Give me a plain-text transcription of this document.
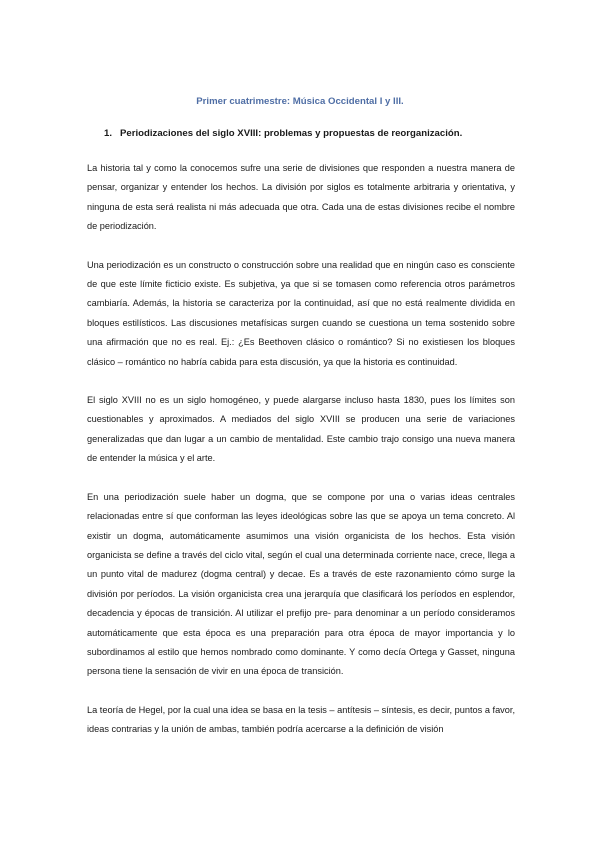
Primer cuatrimestre: Música Occidental I y III.

1. Periodizaciones del siglo XVIII: problemas y propuestas de reorganización.

La historia tal y como la conocemos sufre una serie de divisiones que responden a nuestra manera de pensar, organizar y entender los hechos. La división por siglos es totalmente arbitraria y orientativa, y ninguna de esta será realista ni más adecuada que otra. Cada una de estas divisiones recibe el nombre de periodización.

Una periodización es un constructo o construcción sobre una realidad que en ningún caso es consciente de que este límite ficticio existe. Es subjetiva, ya que si se tomasen como referencia otros parámetros cambiaría. Además, la historia se caracteriza por la continuidad, así que no está realmente dividida en bloques estilísticos. Las discusiones metafísicas surgen cuando se cuestiona un tema sostenido sobre una afirmación que no es real. Ej.: ¿Es Beethoven clásico o romántico? Si no existiesen los bloques clásico – romántico no habría cabida para esta discusión, ya que la historia es continuidad.

El siglo XVIII no es un siglo homogéneo, y puede alargarse incluso hasta 1830, pues los límites son cuestionables y aproximados. A mediados del siglo XVIII se producen una serie de variaciones generalizadas que dan lugar a un cambio de mentalidad. Este cambio trajo consigo una nueva manera de entender la música y el arte.

En una periodización suele haber un dogma, que se compone por una o varias ideas centrales relacionadas entre sí que conforman las leyes ideológicas sobre las que se apoya un tema concreto. Al existir un dogma, automáticamente asumimos una visión organicista de los hechos. Esta visión organicista se define a través del ciclo vital, según el cual una determinada corriente nace, crece, llega a un punto vital de madurez (dogma central) y decae. Es a través de este razonamiento cómo surge la división por períodos. La visión organicista crea una jerarquía que clasificará los períodos en esplendor, decadencia y épocas de transición. Al utilizar el prefijo pre- para denominar a un período consideramos automáticamente que esta época es una preparación para otra época de mayor importancia y lo subordinamos al estilo que hemos nombrado como dominante. Y como decía Ortega y Gasset, ninguna persona tiene la sensación de vivir en una época de transición.

La teoría de Hegel, por la cual una idea se basa en la tesis – antítesis – síntesis, es decir, puntos a favor, ideas contrarias y la unión de ambas, también podría acercarse a la definición de visión
